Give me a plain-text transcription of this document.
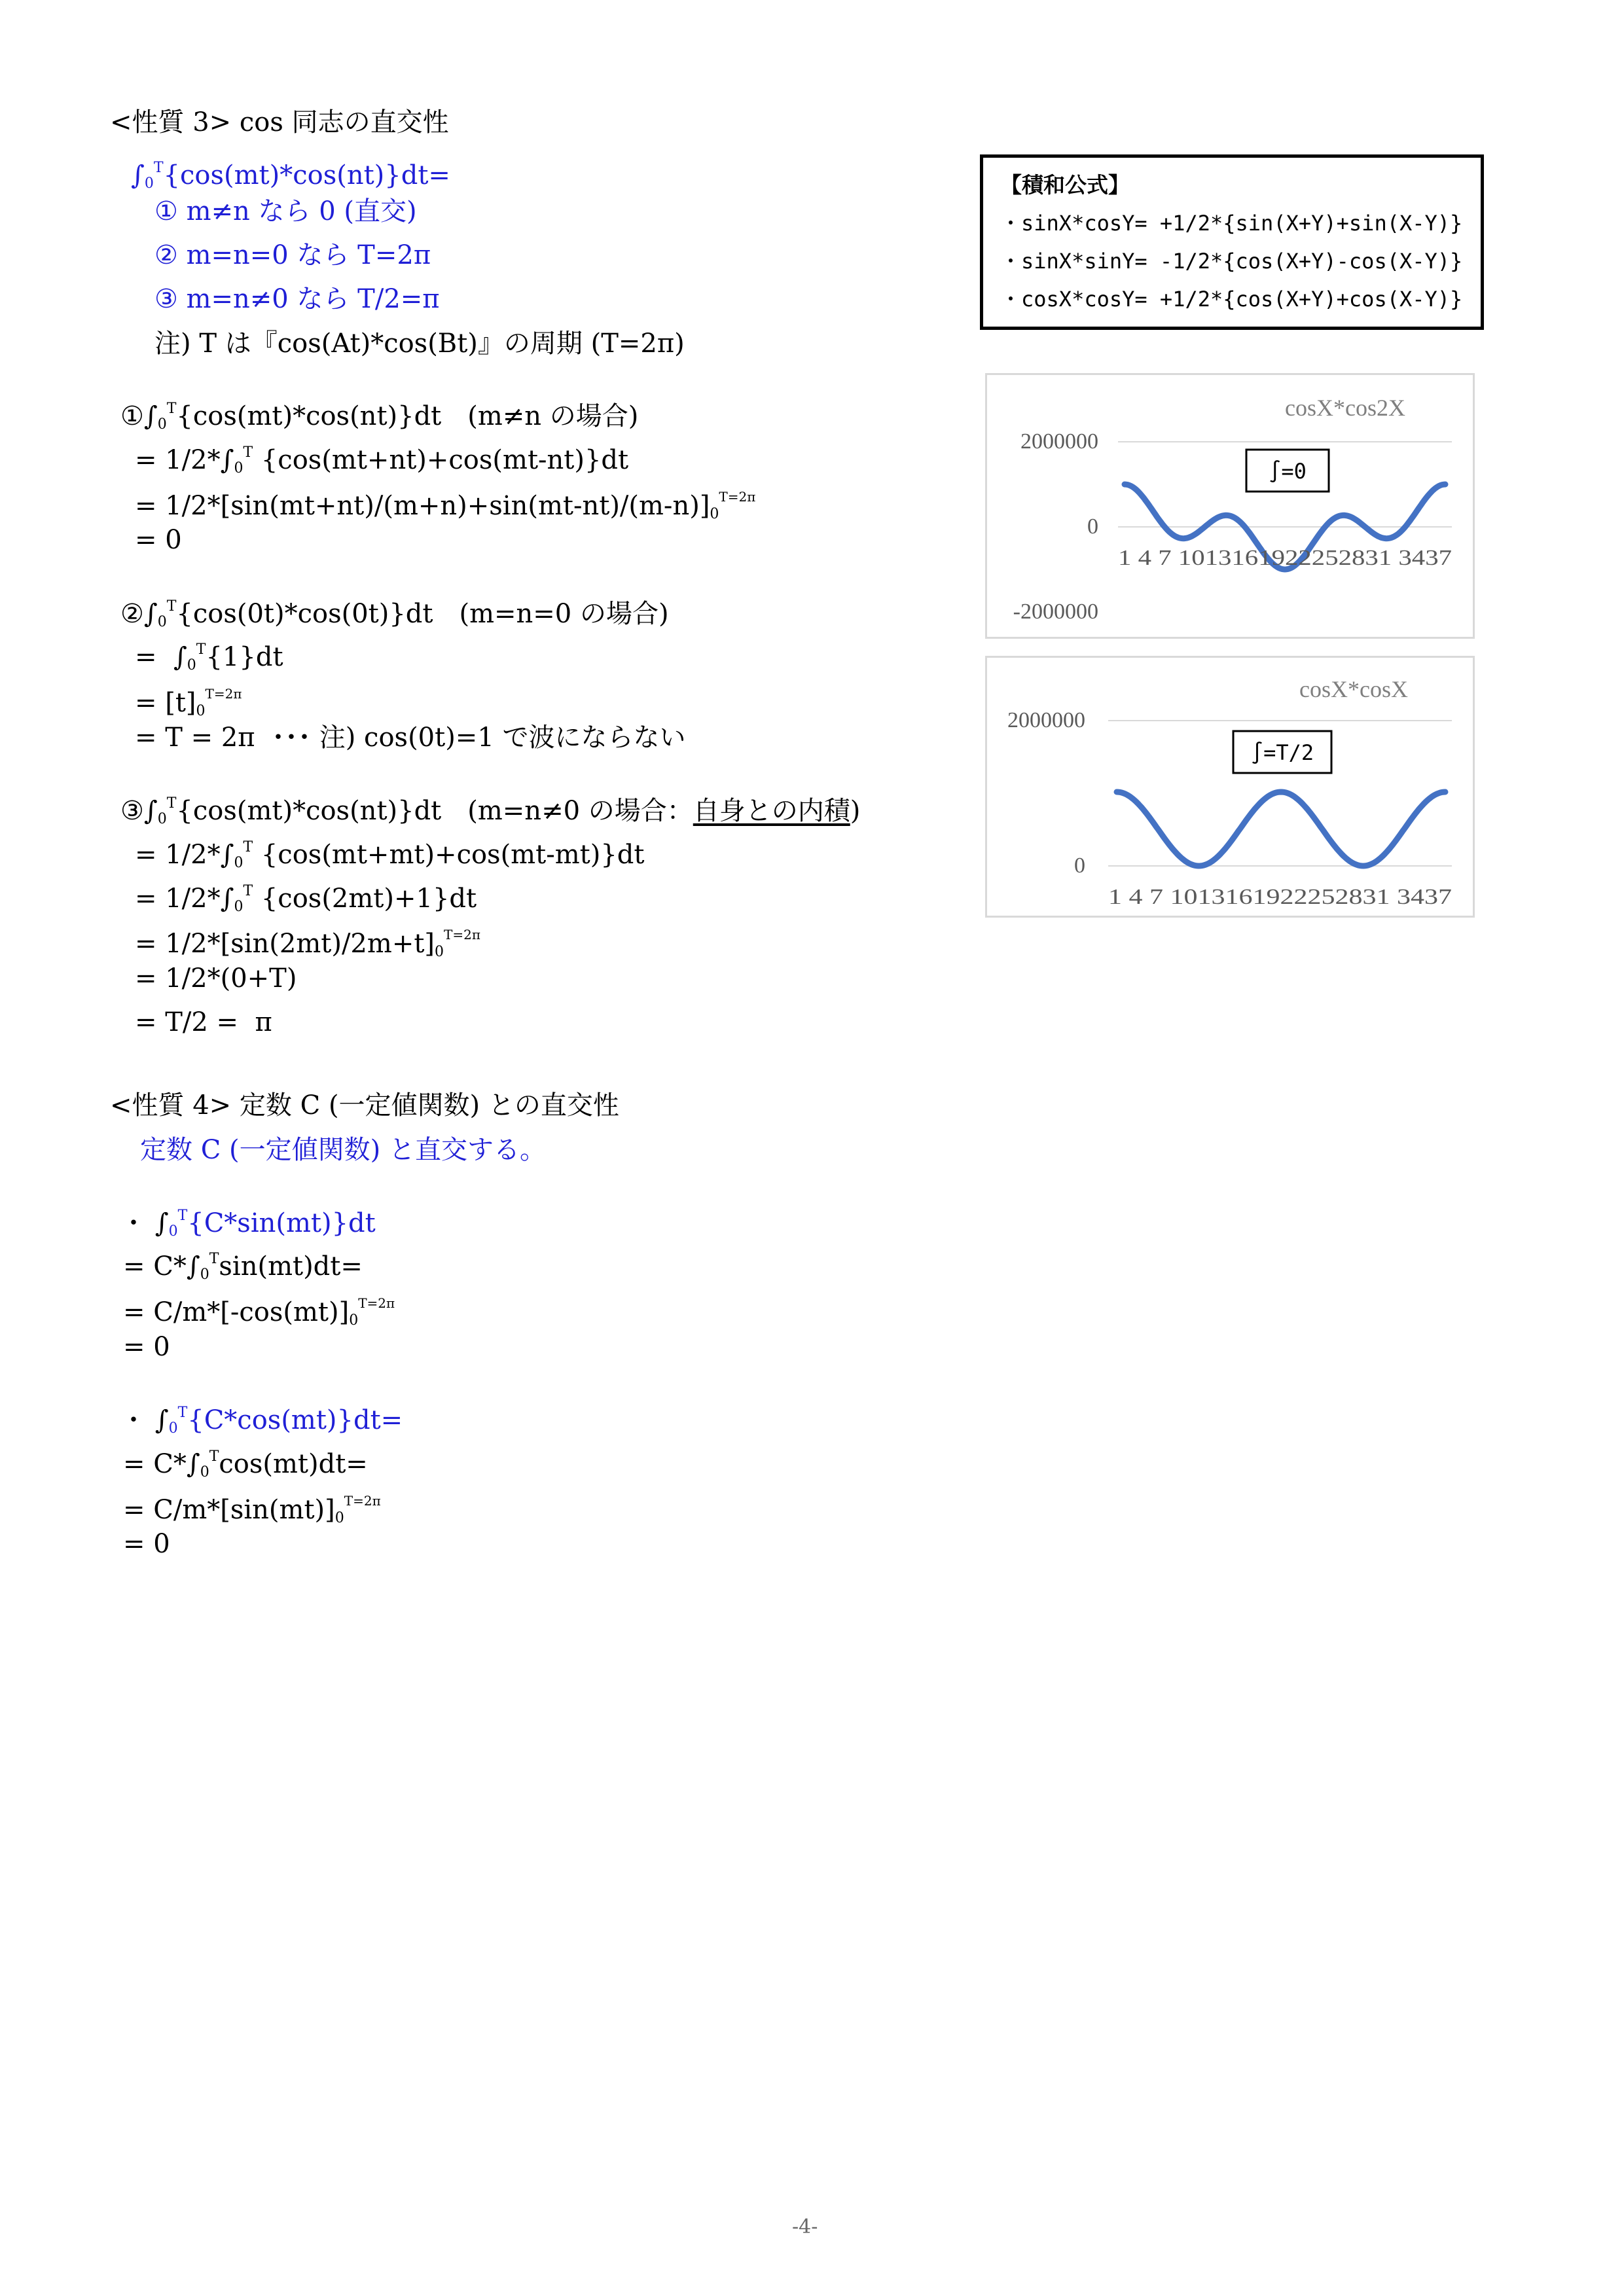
<性質 3> cos 同志の直交性
$\int_0^T\{\cos(mt)*\cos(nt)\}dt=$
① m≠n なら 0 (直交)
② m=n=0 なら T=2π
③ m=n≠0 なら T/2=π
注) T は『cos(At)*cos(Bt)』の周期 (T=2π)
$①\int_0^T\{\cos(mt)*\cos(nt)\}dt$　(m≠n の場合)
= $1/2*\int_0^T$ {cos(mt+nt)+cos(mt-nt)}dt
= $1/2*[\sin(mt+nt)/(m+n)+\sin(mt-nt)/(m-n)]_0^{T=2\pi}$
= 0
$②\int_0^T\{\cos(0t)*\cos(0t)\}dt$　(m=n=0 の場合)
=  $\int_0^T\{1\}dt$
= $[t]_0^{T=2\pi}$
= T = 2π  ･･･ 注) cos(0t)=1 で波にならない
$③\int_0^T\{\cos(mt)*\cos(nt)\}dt$　(m=n≠0 の場合：自身との内積)
= $1/2*\int_0^T$ {cos(mt+mt)+cos(mt-mt)}dt
= $1/2*\int_0^T$ {cos(2mt)+1}dt
= $1/2*[\sin(2mt)/2m+t]_0^{T=2\pi}$
= 1/2*(0+T)
= T/2 =  π
<性質 4> 定数 C (一定値関数) との直交性
定数 C (一定値関数) と直交する。
・ $\int_0^T\{C*\sin(mt)\}dt$
= $C*\int_0^T\sin(mt)dt=$
= $C/m*[-\cos(mt)]_0^{T=2\pi}$
= 0
・ $\int_0^T\{C*\cos(mt)\}dt=$
= $C*\int_0^T\cos(mt)dt=$
= $C/m*[\sin(mt)]_0^{T=2\pi}$
= 0
【積和公式】
・sinX*cosY= +1/2*{sin(X+Y)+sin(X-Y)}
・sinX*sinY= -1/2*{cos(X+Y)-cos(X-Y)}
・cosX*cosY= +1/2*{cos(X+Y)+cos(X-Y)}
cosX*cos2X
2000000
0
-2000000
1 4 7 1013161922252831 3437
∫=0
cosX*cosX
2000000
0
1 4 7 1013161922252831 3437
∫=T/2
-4-
